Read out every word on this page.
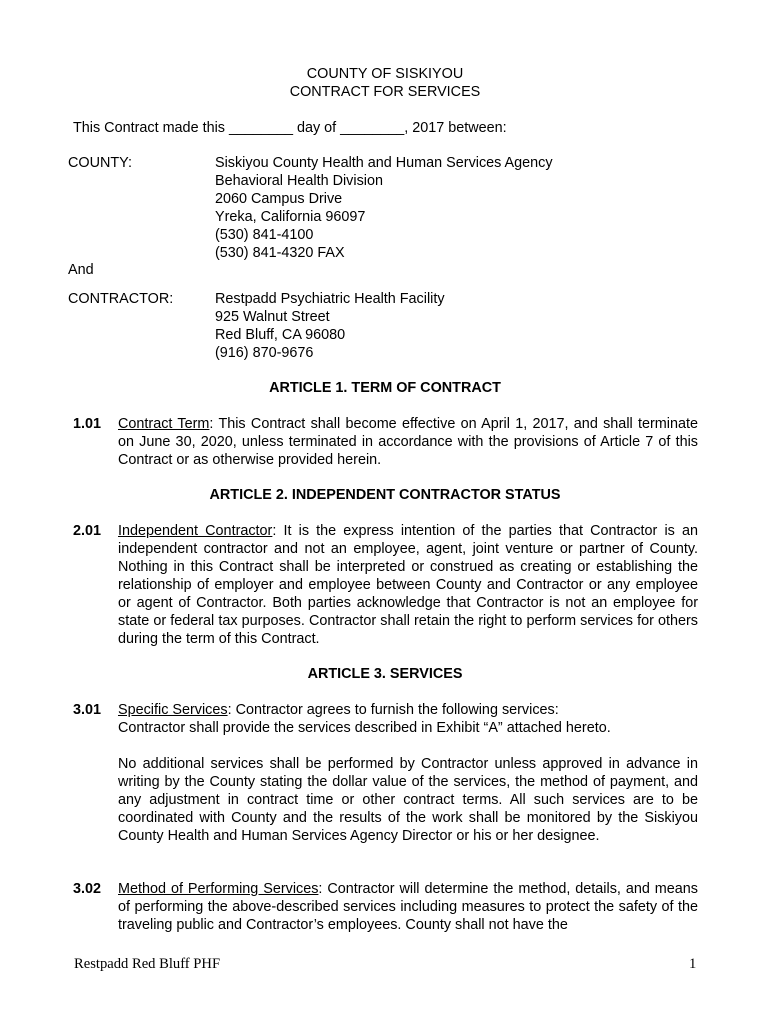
COUNTY OF SISKIYOU
CONTRACT FOR SERVICES
This Contract made this ________ day of ________, 2017 between:
COUNTY:	Siskiyou County Health and Human Services Agency
Behavioral Health Division
2060 Campus Drive
Yreka, California 96097
(530) 841-4100
(530) 841-4320 FAX
And
CONTRACTOR:	Restpadd Psychiatric Health Facility
925 Walnut Street
Red Bluff, CA 96080
(916) 870-9676
ARTICLE 1. TERM OF CONTRACT
1.01 Contract Term: This Contract shall become effective on April 1, 2017, and shall terminate on June 30, 2020, unless terminated in accordance with the provisions of Article 7 of this Contract or as otherwise provided herein.
ARTICLE 2. INDEPENDENT CONTRACTOR STATUS
2.01 Independent Contractor: It is the express intention of the parties that Contractor is an independent contractor and not an employee, agent, joint venture or partner of County. Nothing in this Contract shall be interpreted or construed as creating or establishing the relationship of employer and employee between County and Contractor or any employee or agent of Contractor. Both parties acknowledge that Contractor is not an employee for state or federal tax purposes. Contractor shall retain the right to perform services for others during the term of this Contract.
ARTICLE 3. SERVICES
3.01 Specific Services: Contractor agrees to furnish the following services:
Contractor shall provide the services described in Exhibit “A” attached hereto.
No additional services shall be performed by Contractor unless approved in advance in writing by the County stating the dollar value of the services, the method of payment, and any adjustment in contract time or other contract terms. All such services are to be coordinated with County and the results of the work shall be monitored by the Siskiyou County Health and Human Services Agency Director or his or her designee.
3.02 Method of Performing Services: Contractor will determine the method, details, and means of performing the above-described services including measures to protect the safety of the traveling public and Contractor’s employees. County shall not have the
Restpadd Red Bluff PHF	1
